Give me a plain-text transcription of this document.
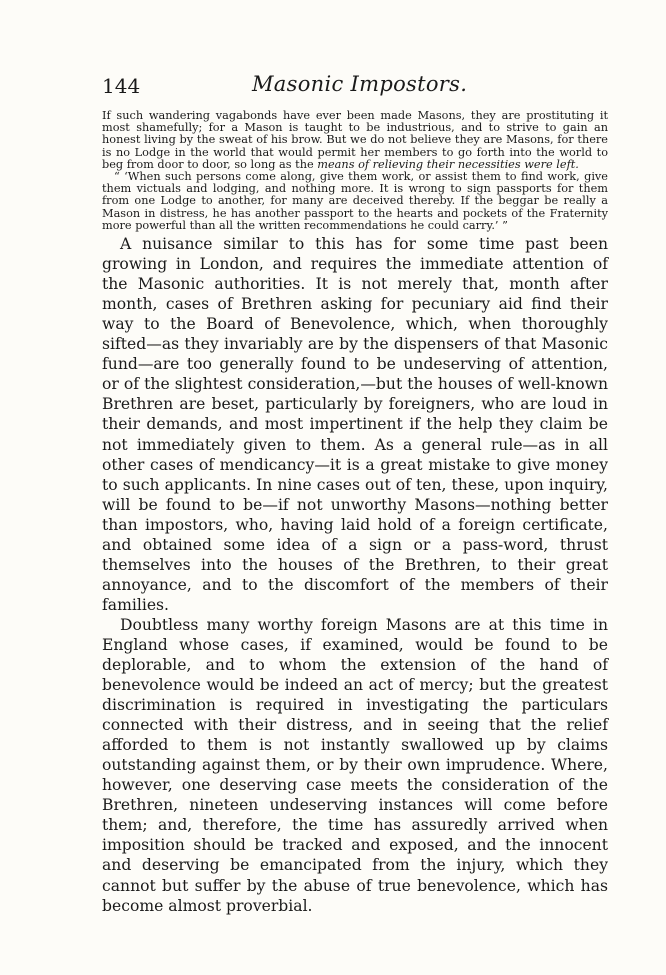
144	Masonic Impostors.

If such wandering vagabonds have ever been made Masons, they are prostituting it most shamefully; for a Mason is taught to be industrious, and to strive to gain an honest living by the sweat of his brow. But we do not believe they are Masons, for there is no Lodge in the world that would permit her members to go forth into the world to beg from door to door, so long as the means of relieving their necessities were left.

“ ‘When such persons come along, give them work, or assist them to find work, give them victuals and lodging, and nothing more. It is wrong to sign passports for them from one Lodge to another, for many are deceived thereby. If the beggar be really a Mason in distress, he has another passport to the hearts and pockets of the Fraternity more powerful than all the written recommendations he could carry.’ ”

A nuisance similar to this has for some time past been growing in London, and requires the immediate attention of the Masonic authorities. It is not merely that, month after month, cases of Brethren asking for pecuniary aid find their way to the Board of Benevolence, which, when thoroughly sifted—as they invariably are by the dispensers of that Masonic fund—are too generally found to be undeserving of attention, or of the slightest consideration,—but the houses of well-known Brethren are beset, particularly by foreigners, who are loud in their demands, and most impertinent if the help they claim be not immediately given to them. As a general rule—as in all other cases of mendicancy—it is a great mistake to give money to such applicants. In nine cases out of ten, these, upon inquiry, will be found to be—if not unworthy Masons—nothing better than impostors, who, having laid hold of a foreign certificate, and obtained some idea of a sign or a pass-word, thrust themselves into the houses of the Brethren, to their great annoyance, and to the discomfort of the members of their families.

Doubtless many worthy foreign Masons are at this time in England whose cases, if examined, would be found to be deplorable, and to whom the extension of the hand of benevolence would be indeed an act of mercy; but the greatest discrimination is required in investigating the particulars connected with their distress, and in seeing that the relief afforded to them is not instantly swallowed up by claims outstanding against them, or by their own imprudence. Where, however, one deserving case meets the consideration of the Brethren, nineteen undeserving instances will come before them; and, therefore, the time has assuredly arrived when imposition should be tracked and exposed, and the innocent and deserving be emancipated from the injury, which they cannot but suffer by the abuse of true benevolence, which has become almost proverbial.
